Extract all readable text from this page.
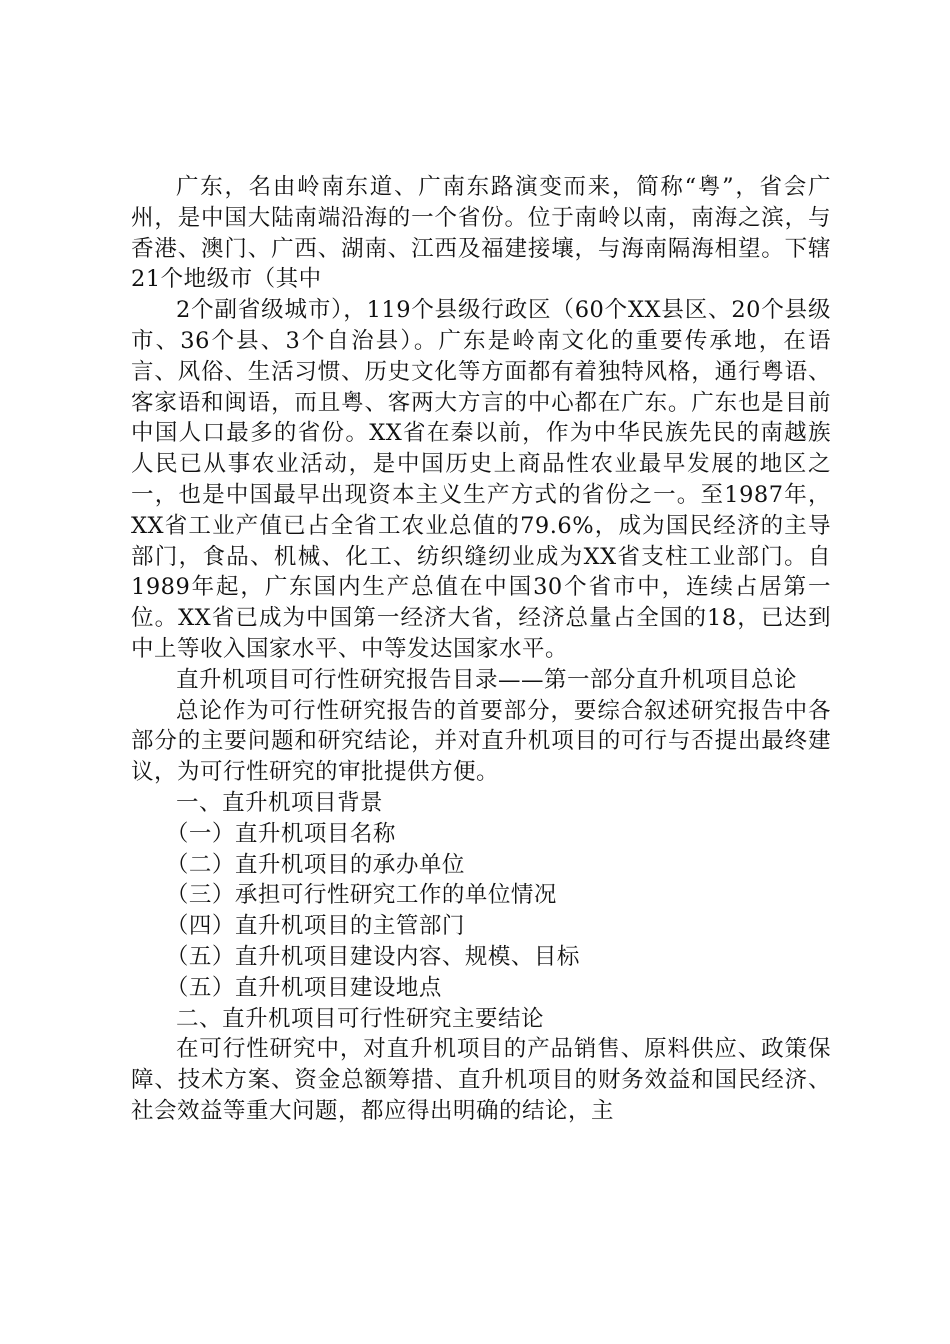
广东，名由岭南东道、广南东路演变而来，简称“粤”，省会广州，是中国大陆南端沿海的一个省份。位于南岭以南，南海之滨，与香港、澳门、广西、湖南、江西及福建接壤，与海南隔海相望。下辖21个地级市（其中

2个副省级城市），119个县级行政区（60个XX县区、20个县级市、36个县、3个自治县）。广东是岭南文化的重要传承地，在语言、风俗、生活习惯、历史文化等方面都有着独特风格，通行粤语、客家语和闽语，而且粤、客两大方言的中心都在广东。广东也是目前中国人口最多的省份。XX省在秦以前，作为中华民族先民的南越族人民已从事农业活动，是中国历史上商品性农业最早发展的地区之一，也是中国最早出现资本主义生产方式的省份之一。至1987年，XX省工业产值已占全省工农业总值的79.6%，成为国民经济的主导部门，食品、机械、化工、纺织缝纫业成为XX省支柱工业部门。自1989年起，广东国内生产总值在中国30个省市中，连续占居第一位。XX省已成为中国第一经济大省，经济总量占全国的18，已达到中上等收入国家水平、中等发达国家水平。

直升机项目可行性研究报告目录——第一部分直升机项目总论

总论作为可行性研究报告的首要部分，要综合叙述研究报告中各部分的主要问题和研究结论，并对直升机项目的可行与否提出最终建议，为可行性研究的审批提供方便。

一、直升机项目背景

（一）直升机项目名称

（二）直升机项目的承办单位

（三）承担可行性研究工作的单位情况

（四）直升机项目的主管部门

（五）直升机项目建设内容、规模、目标

（五）直升机项目建设地点

二、直升机项目可行性研究主要结论

在可行性研究中，对直升机项目的产品销售、原料供应、政策保障、技术方案、资金总额筹措、直升机项目的财务效益和国民经济、社会效益等重大问题，都应得出明确的结论，主
